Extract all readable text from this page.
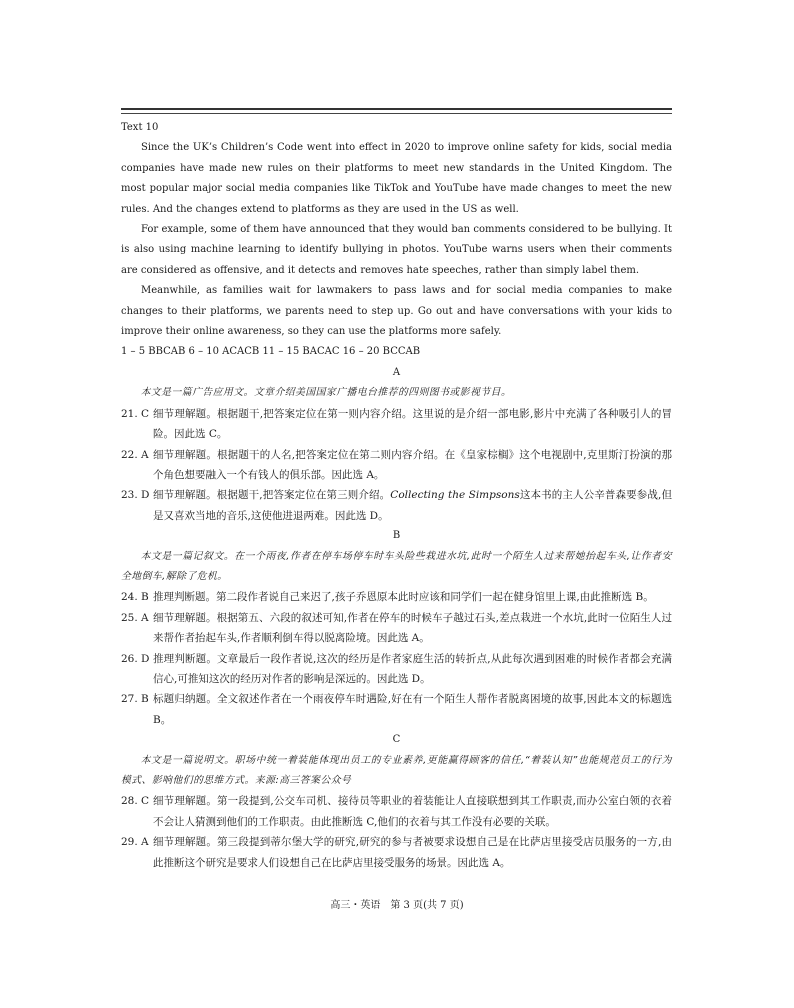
Text 10

Since the UK’s Children’s Code went into effect in 2020 to improve online safety for kids, social media companies have made new rules on their platforms to meet new standards in the United Kingdom. The most popular major social media companies like TikTok and YouTube have made changes to meet the new rules. And the changes extend to platforms as they are used in the US as well.

For example, some of them have announced that they would ban comments considered to be bullying. It is also using machine learning to identify bullying in photos. YouTube warns users when their comments are considered as offensive, and it detects and removes hate speeches, rather than simply label them.

Meanwhile, as families wait for lawmakers to pass laws and for social media companies to make changes to their platforms, we parents need to step up. Go out and have conversations with your kids to improve their online awareness, so they can use the platforms more safely.

1 – 5 BBCAB 6 – 10 ACACB 11 – 15 BACAC 16 – 20 BCCAB

A

本文是一篇广告应用文。文章介绍美国国家广播电台推荐的四则图书或影视节目。

21. C 细节理解题。根据题干,把答案定位在第一则内容介绍。这里说的是介绍一部电影,影片中充满了各种吸引人的冒险。因此选 C。
22. A 细节理解题。根据题干的人名,把答案定位在第二则内容介绍。在《皇家棕榈》这个电视剧中,克里斯汀扮演的那个角色想要融入一个有钱人的俱乐部。因此选 A。
23. D 细节理解题。根据题干,把答案定位在第三则介绍。Collecting the Simpsons这本书的主人公辛普森要参战,但是又喜欢当地的音乐,这使他进退两难。因此选 D。

B

本文是一篇记叙文。在一个雨夜,作者在停车场停车时车头险些栽进水坑,此时一个陌生人过来帮她抬起车头,让作者安全地倒车,解除了危机。

24. B 推理判断题。第二段作者说自己来迟了,孩子乔恩原本此时应该和同学们一起在健身馆里上课,由此推断选 B。
25. A 细节理解题。根据第五、六段的叙述可知,作者在停车的时候车子越过石头,差点栽进一个水坑,此时一位陌生人过来帮作者抬起车头,作者顺利倒车得以脱离险境。因此选 A。
26. D 推理判断题。文章最后一段作者说,这次的经历是作者家庭生活的转折点,从此每次遇到困难的时候作者都会充满信心,可推知这次的经历对作者的影响是深远的。因此选 D。
27. B 标题归纳题。全文叙述作者在一个雨夜停车时遇险,好在有一个陌生人帮作者脱离困境的故事,因此本文的标题选 B。

C

本文是一篇说明文。职场中统一着装能体现出员工的专业素养,更能赢得顾客的信任,“着装认知”也能规范员工的行为模式、影响他们的思维方式。来源:高三答案公众号

28. C 细节理解题。第一段提到,公交车司机、接待员等职业的着装能让人直接联想到其工作职责,而办公室白领的衣着不会让人猜测到他们的工作职责。由此推断选 C,他们的衣着与其工作没有必要的关联。
29. A 细节理解题。第三段提到蒂尔堡大学的研究,研究的参与者被要求设想自己是在比萨店里接受店员服务的一方,由此推断这个研究是要求人们设想自己在比萨店里接受服务的场景。因此选 A。
高三・英语　第 3 页(共 7 页)
